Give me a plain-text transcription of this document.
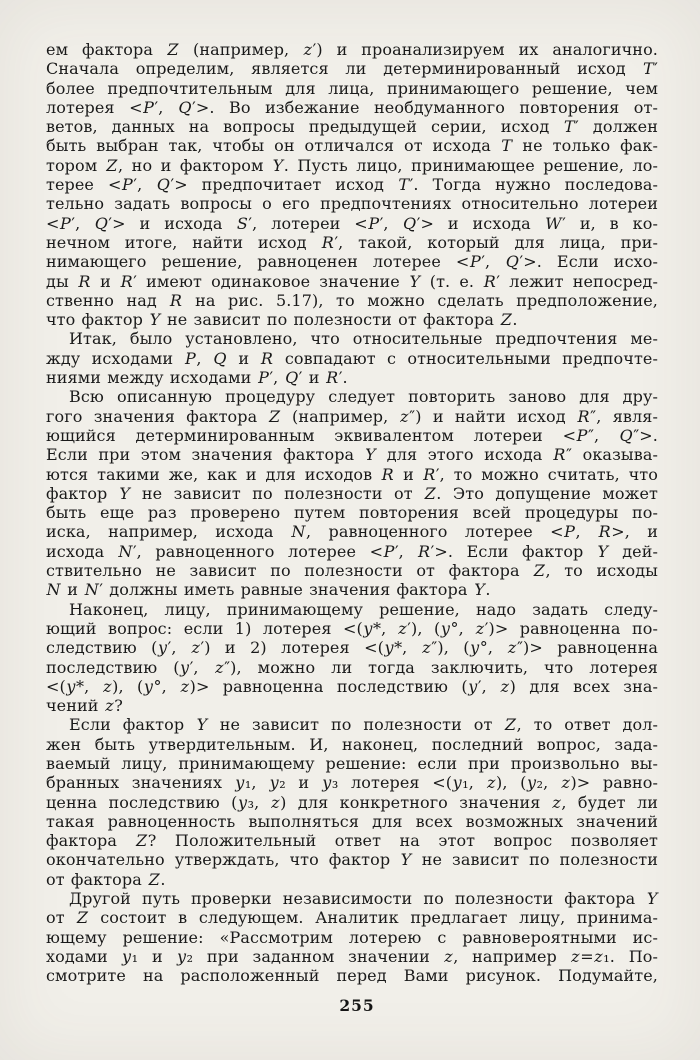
ем фактора Z (например, z′) и проанализируем их аналогично.
Сначала определим, является ли детерминированный исход T′
более предпочтительным для лица, принимающего решение, чем
лотерея <P′, Q′>. Во избежание необдуманного повторения от-
ветов, данных на вопросы предыдущей серии, исход T′ должен
быть выбран так, чтобы он отличался от исхода T не только фак-
тором Z, но и фактором Y. Пусть лицо, принимающее решение, ло-
терее <P′, Q′> предпочитает исход T′. Тогда нужно последова-
тельно задать вопросы о его предпочтениях относительно лотереи
<P′, Q′> и исхода S′, лотереи <P′, Q′> и исхода W′ и, в ко-
нечном итоге, найти исход R′, такой, который для лица, при-
нимающего решение, равноценен лотерее <P′, Q′>. Если исхо-
ды R и R′ имеют одинаковое значение Y (т. е. R′ лежит непосред-
ственно над R на рис. 5.17), то можно сделать предположение,
что фактор Y не зависит по полезности от фактора Z.
Итак, было установлено, что относительные предпочтения ме-
жду исходами P, Q и R совпадают с относительными предпочте-
ниями между исходами P′, Q′ и R′.
Всю описанную процедуру следует повторить заново для дру-
гого значения фактора Z (например, z″) и найти исход R″, явля-
ющийся детерминированным эквивалентом лотереи <P″, Q″>.
Если при этом значения фактора Y для этого исхода R″ оказыва-
ются такими же, как и для исходов R и R′, то можно считать, что
фактор Y не зависит по полезности от Z. Это допущение может
быть еще раз проверено путем повторения всей процедуры по-
иска, например, исхода N, равноценного лотерее <P, R>, и
исхода N′, равноценного лотерее <P′, R′>. Если фактор Y дей-
ствительно не зависит по полезности от фактора Z, то исходы
N и N′ должны иметь равные значения фактора Y.
Наконец, лицу, принимающему решение, надо задать следу-
ющий вопрос: если 1) лотерея <(y*, z′), (y°, z′)> равноценна по-
следствию (y′, z′) и 2) лотерея <(y*, z″), (y°, z″)> равноценна
последствию (y′, z″), можно ли тогда заключить, что лотерея
<(y*, z), (y°, z)> равноценна последствию (y′, z) для всех зна-
чений z?
Если фактор Y не зависит по полезности от Z, то ответ дол-
жен быть утвердительным. И, наконец, последний вопрос, зада-
ваемый лицу, принимающему решение: если при произвольно вы-
бранных значениях y₁, y₂ и y₃ лотерея <(y₁, z), (y₂, z)> равно-
ценна последствию (y₃, z) для конкретного значения z, будет ли
такая равноценность выполняться для всех возможных значений
фактора Z? Положительный ответ на этот вопрос позволяет
окончательно утверждать, что фактор Y не зависит по полезности
от фактора Z.
Другой путь проверки независимости по полезности фактора Y
от Z состоит в следующем. Аналитик предлагает лицу, принима-
ющему решение: «Рассмотрим лотерею с равновероятными ис-
ходами y₁ и y₂ при заданном значении z, например z=z₁. По-
смотрите на расположенный перед Вами рисунок. Подумайте,
255
